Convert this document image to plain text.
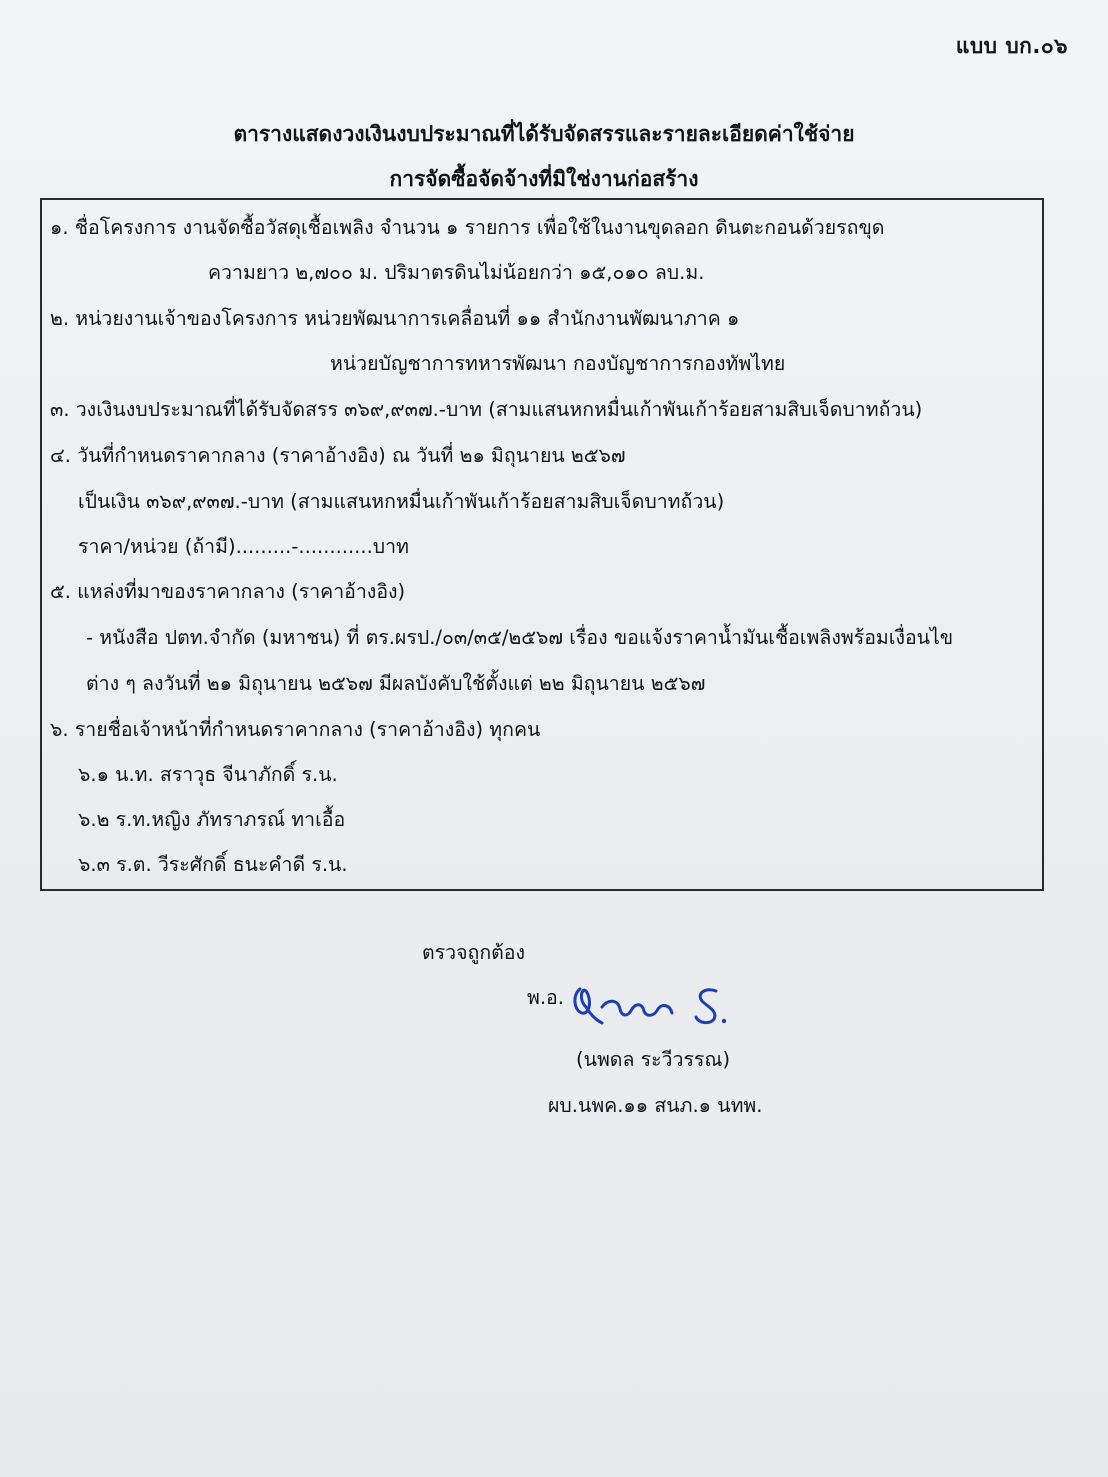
แบบ บก.๐๖
ตารางแสดงวงเงินงบประมาณที่ได้รับจัดสรรและรายละเอียดค่าใช้จ่าย
การจัดซื้อจัดจ้างที่มิใช่งานก่อสร้าง
๑. ชื่อโครงการ งานจัดซื้อวัสดุเชื้อเพลิง จำนวน ๑ รายการ เพื่อใช้ในงานขุดลอก ดินตะกอนด้วยรถขุด
ความยาว ๒,๗๐๐ ม. ปริมาตรดินไม่น้อยกว่า ๑๕,๐๑๐ ลบ.ม.
๒. หน่วยงานเจ้าของโครงการ หน่วยพัฒนาการเคลื่อนที่ ๑๑ สำนักงานพัฒนาภาค ๑
หน่วยบัญชาการทหารพัฒนา กองบัญชาการกองทัพไทย
๓. วงเงินงบประมาณที่ได้รับจัดสรร ๓๖๙,๙๓๗.-บาท (สามแสนหกหมื่นเก้าพันเก้าร้อยสามสิบเจ็ดบาทถ้วน)
๔. วันที่กำหนดราคากลาง (ราคาอ้างอิง) ณ วันที่ ๒๑ มิถุนายน ๒๕๖๗
เป็นเงิน ๓๖๙,๙๓๗.-บาท (สามแสนหกหมื่นเก้าพันเก้าร้อยสามสิบเจ็ดบาทถ้วน)
ราคา/หน่วย (ถ้ามี).........-............บาท
๕. แหล่งที่มาของราคากลาง (ราคาอ้างอิง)
- หนังสือ ปตท.จำกัด (มหาชน) ที่ ตร.ผรป./๐๓/๓๕/๒๕๖๗ เรื่อง ขอแจ้งราคาน้ำมันเชื้อเพลิงพร้อมเงื่อนไข
ต่าง ๆ ลงวันที่ ๒๑ มิถุนายน ๒๕๖๗ มีผลบังคับใช้ตั้งแต่ ๒๒ มิถุนายน ๒๕๖๗
๖. รายชื่อเจ้าหน้าที่กำหนดราคากลาง (ราคาอ้างอิง) ทุกคน
๖.๑ น.ท. สราวุธ จีนาภักดิ์ ร.น.
๖.๒ ร.ท.หญิง ภัทราภรณ์ ทาเอื้อ
๖.๓ ร.ต. วีระศักดิ์ ธนะคำดี ร.น.
ตรวจถูกต้อง
พ.อ.
(นพดล ระวีวรรณ)
ผบ.นพค.๑๑ สนภ.๑ นทพ.
